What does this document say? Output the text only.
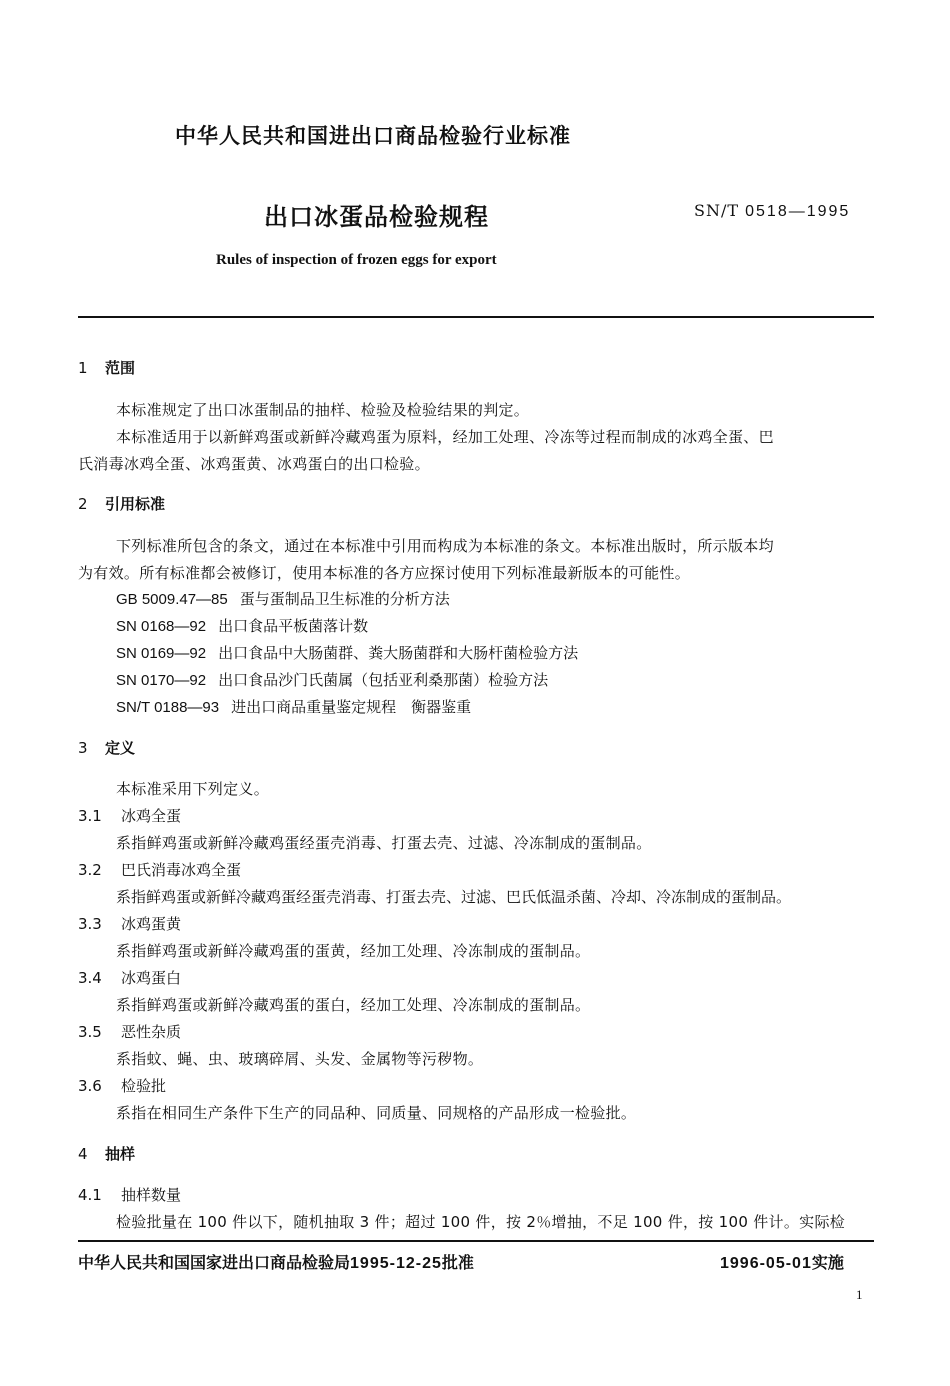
中华人民共和国进出口商品检验行业标准
出口冰蛋品检验规程	SN/T 0518—1995
Rules of inspection of frozen eggs for export
1 范围
本标准规定了出口冰蛋制品的抽样、检验及检验结果的判定。
本标准适用于以新鲜鸡蛋或新鲜冷藏鸡蛋为原料，经加工处理、冷冻等过程而制成的冰鸡全蛋、巴
氏消毒冰鸡全蛋、冰鸡蛋黄、冰鸡蛋白的出口检验。
2 引用标准
下列标准所包含的条文，通过在本标准中引用而构成为本标准的条文。本标准出版时，所示版本均
为有效。所有标准都会被修订，使用本标准的各方应探讨使用下列标准最新版本的可能性。
GB 5009.47—85 蛋与蛋制品卫生标准的分析方法
SN 0168—92 出口食品平板菌落计数
SN 0169—92 出口食品中大肠菌群、粪大肠菌群和大肠杆菌检验方法
SN 0170—92 出口食品沙门氏菌属（包括亚利桑那菌）检验方法
SN/T 0188—93 进出口商品重量鉴定规程　衡器鉴重
3 定义
本标准采用下列定义。
3.1 冰鸡全蛋
系指鲜鸡蛋或新鲜冷藏鸡蛋经蛋壳消毒、打蛋去壳、过滤、冷冻制成的蛋制品。
3.2 巴氏消毒冰鸡全蛋
系指鲜鸡蛋或新鲜冷藏鸡蛋经蛋壳消毒、打蛋去壳、过滤、巴氏低温杀菌、冷却、冷冻制成的蛋制品。
3.3 冰鸡蛋黄
系指鲜鸡蛋或新鲜冷藏鸡蛋的蛋黄，经加工处理、冷冻制成的蛋制品。
3.4 冰鸡蛋白
系指鲜鸡蛋或新鲜冷藏鸡蛋的蛋白，经加工处理、冷冻制成的蛋制品。
3.5 恶性杂质
系指蚊、蝇、虫、玻璃碎屑、头发、金属物等污秽物。
3.6 检验批
系指在相同生产条件下生产的同品种、同质量、同规格的产品形成一检验批。
4 抽样
4.1 抽样数量
检验批量在 100 件以下，随机抽取 3 件；超过 100 件，按 2％增抽，不足 100 件，按 100 件计。实际检
中华人民共和国国家进出口商品检验局1995-12-25批准	1996-05-01实施
1
